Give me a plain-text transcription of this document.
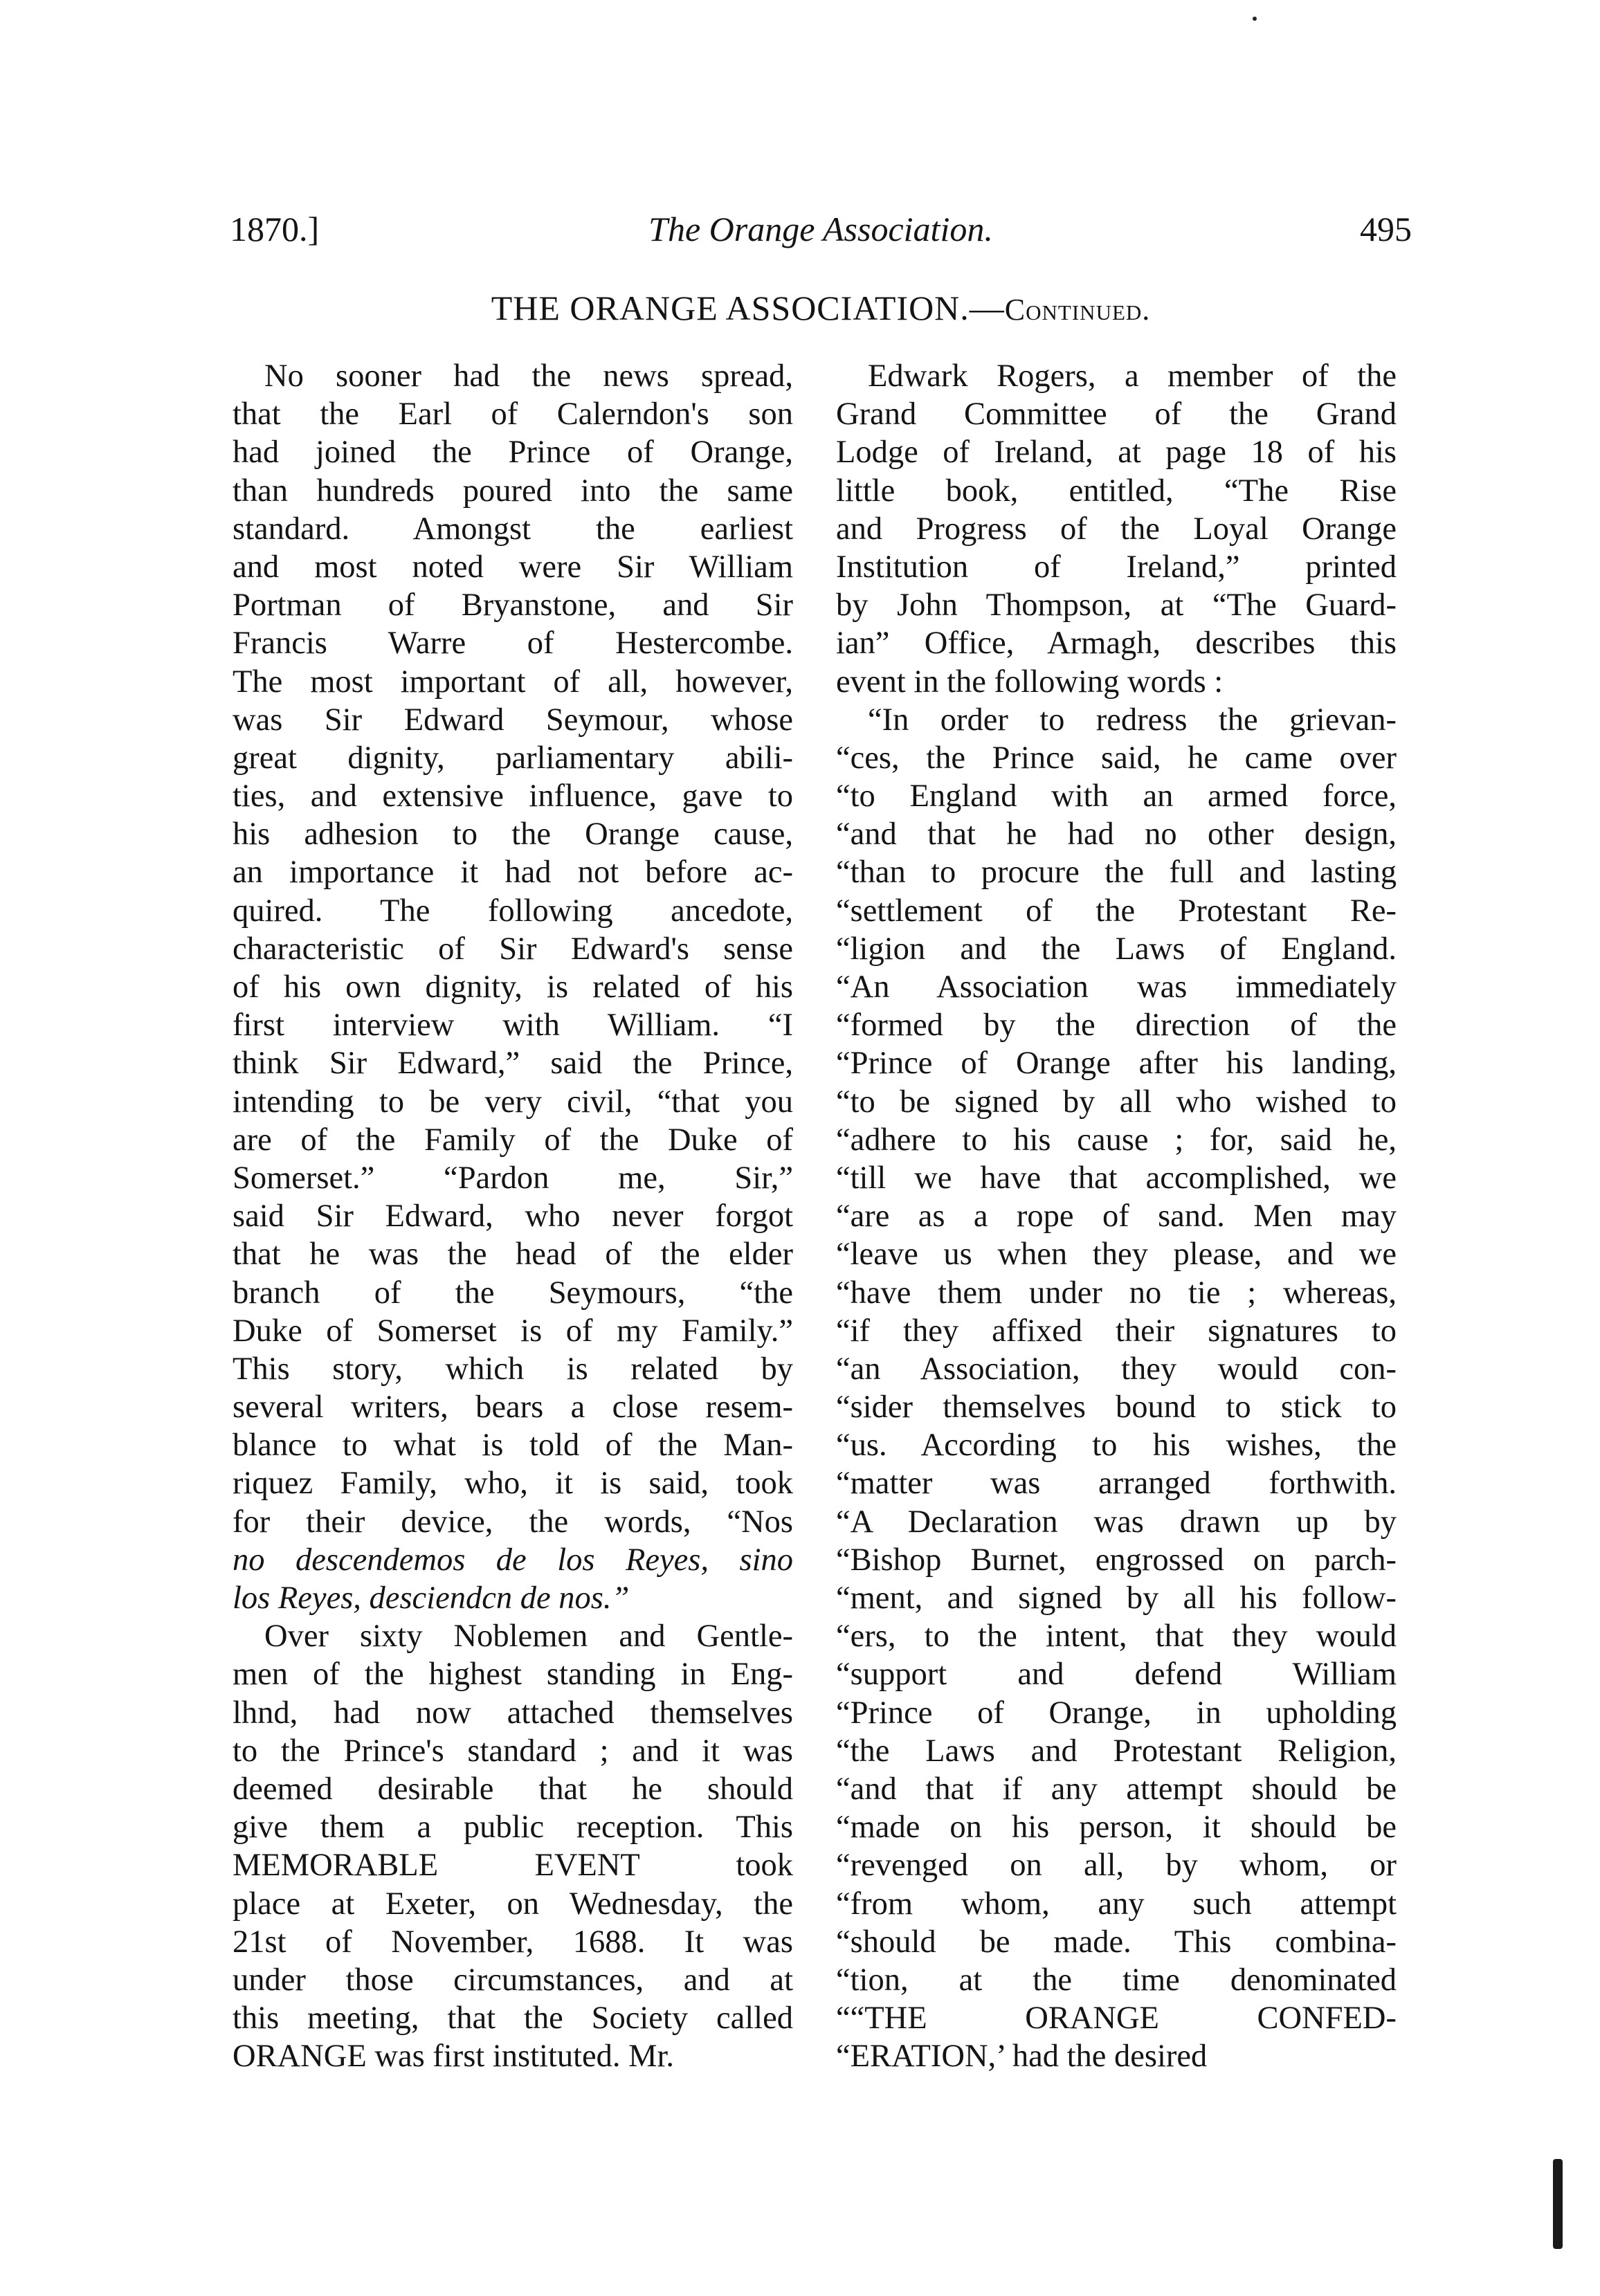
1870.]	The Orange Association.	495
THE ORANGE ASSOCIATION.—Continued.
No sooner had the news spread,
that the Earl of Calerndon's son
had joined the Prince of Orange,
than hundreds poured into the same
standard. Amongst the earliest
and most noted were Sir William
Portman of Bryanstone, and Sir
Francis Warre of Hestercombe.
The most important of all, however,
was Sir Edward Seymour, whose
great dignity, parliamentary abili-
ties, and extensive influence, gave to
his adhesion to the Orange cause,
an importance it had not before ac-
quired. The following ancedote,
characteristic of Sir Edward's sense
of his own dignity, is related of his
first interview with William. “I
think Sir Edward,” said the Prince,
intending to be very civil, “that you
are of the Family of the Duke of
Somerset.” “Pardon me, Sir,”
said Sir Edward, who never forgot
that he was the head of the elder
branch of the Seymours, “the
Duke of Somerset is of my Family.”
This story, which is related by
several writers, bears a close resem-
blance to what is told of the Man-
riquez Family, who, it is said, took
for their device, the words, “Nos
no descendemos de los Reyes, sino
los Reyes, desciendcn de nos.”
Over sixty Noblemen and Gentle-
men of the highest standing in Eng-
lhnd, had now attached themselves
to the Prince's standard ; and it was
deemed desirable that he should
give them a public reception. This
MEMORABLE EVENT took
place at Exeter, on Wednesday, the
21st of November, 1688. It was
under those circumstances, and at
this meeting, that the Society called
ORANGE was first instituted. Mr.
Edwark Rogers, a member of the
Grand Committee of the Grand
Lodge of Ireland, at page 18 of his
little book, entitled, “The Rise
and Progress of the Loyal Orange
Institution of Ireland,” printed
by John Thompson, at “The Guard-
ian” Office, Armagh, describes this
event in the following words :
“In order to redress the grievan-
“ces, the Prince said, he came over
“to England with an armed force,
“and that he had no other design,
“than to procure the full and lasting
“settlement of the Protestant Re-
“ligion and the Laws of England.
“An Association was immediately
“formed by the direction of the
“Prince of Orange after his landing,
“to be signed by all who wished to
“adhere to his cause ; for, said he,
“till we have that accomplished, we
“are as a rope of sand. Men may
“leave us when they please, and we
“have them under no tie ; whereas,
“if they affixed their signatures to
“an Association, they would con-
“sider themselves bound to stick to
“us. According to his wishes, the
“matter was arranged forthwith.
“A Declaration was drawn up by
“Bishop Burnet, engrossed on parch-
“ment, and signed by all his follow-
“ers, to the intent, that they would
“support and defend William
“Prince of Orange, in upholding
“the Laws and Protestant Religion,
“and that if any attempt should be
“made on his person, it should be
“revenged on all, by whom, or
“from whom, any such attempt
“should be made. This combina-
“tion, at the time denominated
““THE ORANGE CONFED-
“ERATION,’ had the desired
